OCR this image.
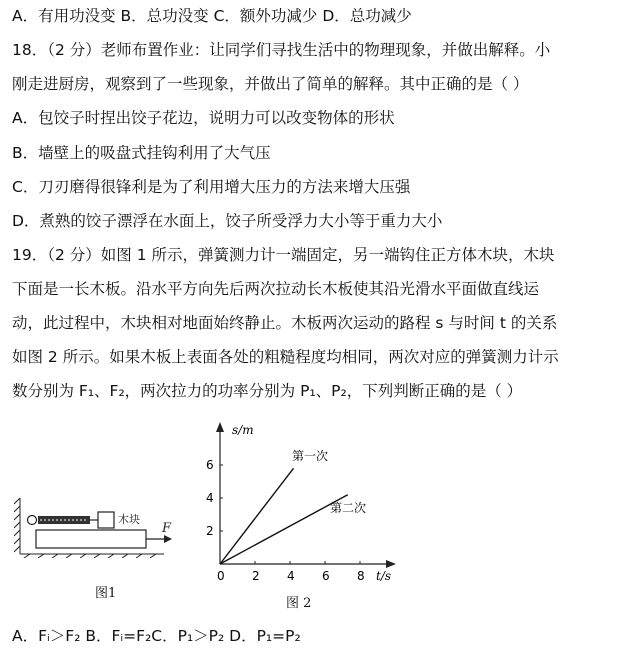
A．有用功没变 B．总功没变 C．额外功减少 D．总功减少
18．（2 分）老师布置作业：让同学们寻找生活中的物理现象，并做出解释。小
刚走进厨房，观察到了一些现象，并做出了简单的解释。其中正确的是（ ）
A．包饺子时捏出饺子花边，说明力可以改变物体的形状
B．墙壁上的吸盘式挂钩利用了大气压
C．刀刃磨得很锋利是为了利用增大压力的方法来增大压强
D．煮熟的饺子漂浮在水面上，饺子所受浮力大小等于重力大小
19．（2 分）如图 1 所示，弹簧测力计一端固定，另一端钩住正方体木块，木块
下面是一长木板。沿水平方向先后两次拉动长木板使其沿光滑水平面做直线运
动，此过程中，木块相对地面始终静止。木板两次运动的路程 s 与时间 t 的关系
如图 2 所示。如果木板上表面各处的粗糙程度均相同，两次对应的弹簧测力计示
数分别为 F₁、F₂，两次拉力的功率分别为 P₁、P₂，下列判断正确的是（ ）
木块
F
图1
s/m
t/s
0 2 4 6 8
2
4
6
第一次
第二次
图 2
A．Fᵢ＞F₂ B．Fᵢ=F₂C．P₁＞P₂ D．P₁=P₂
